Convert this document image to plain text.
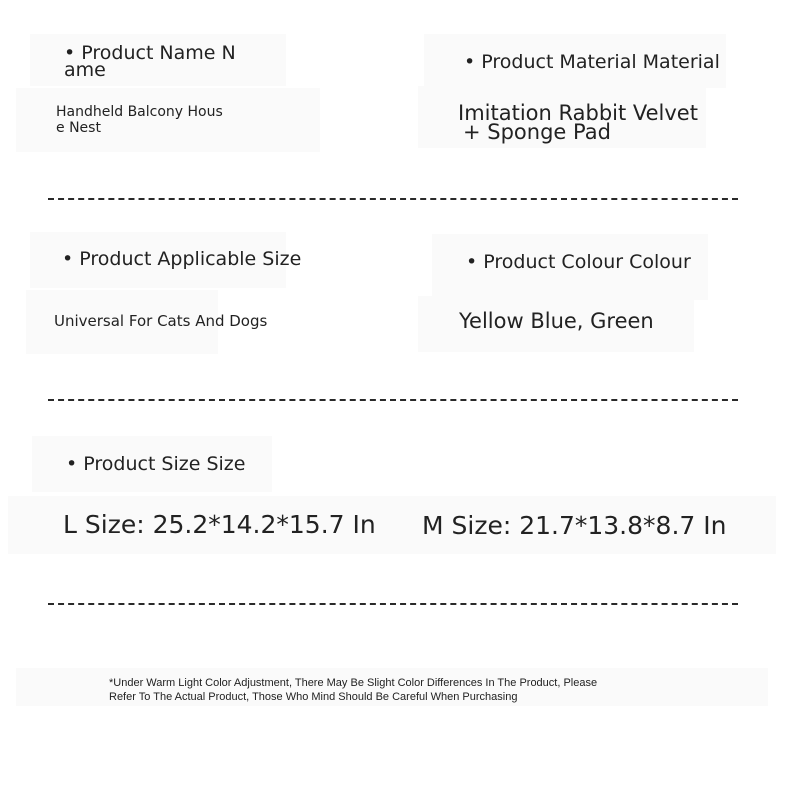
• Product Name N

ame

Handheld Balcony Hous

e Nest

• Product Material Material

Imitation Rabbit Velvet

+ Sponge Pad

• Product Applicable Size

Universal For Cats And Dogs

• Product Colour Colour

Yellow Blue, Green

• Product Size Size

L Size: 25.2*14.2*15.7 In M Size: 21.7*13.8*8.7 In

*Under Warm Light Color Adjustment, There May Be Slight Color Differences In The Product, Please

Refer To The Actual Product, Those Who Mind Should Be Careful When Purchasing
